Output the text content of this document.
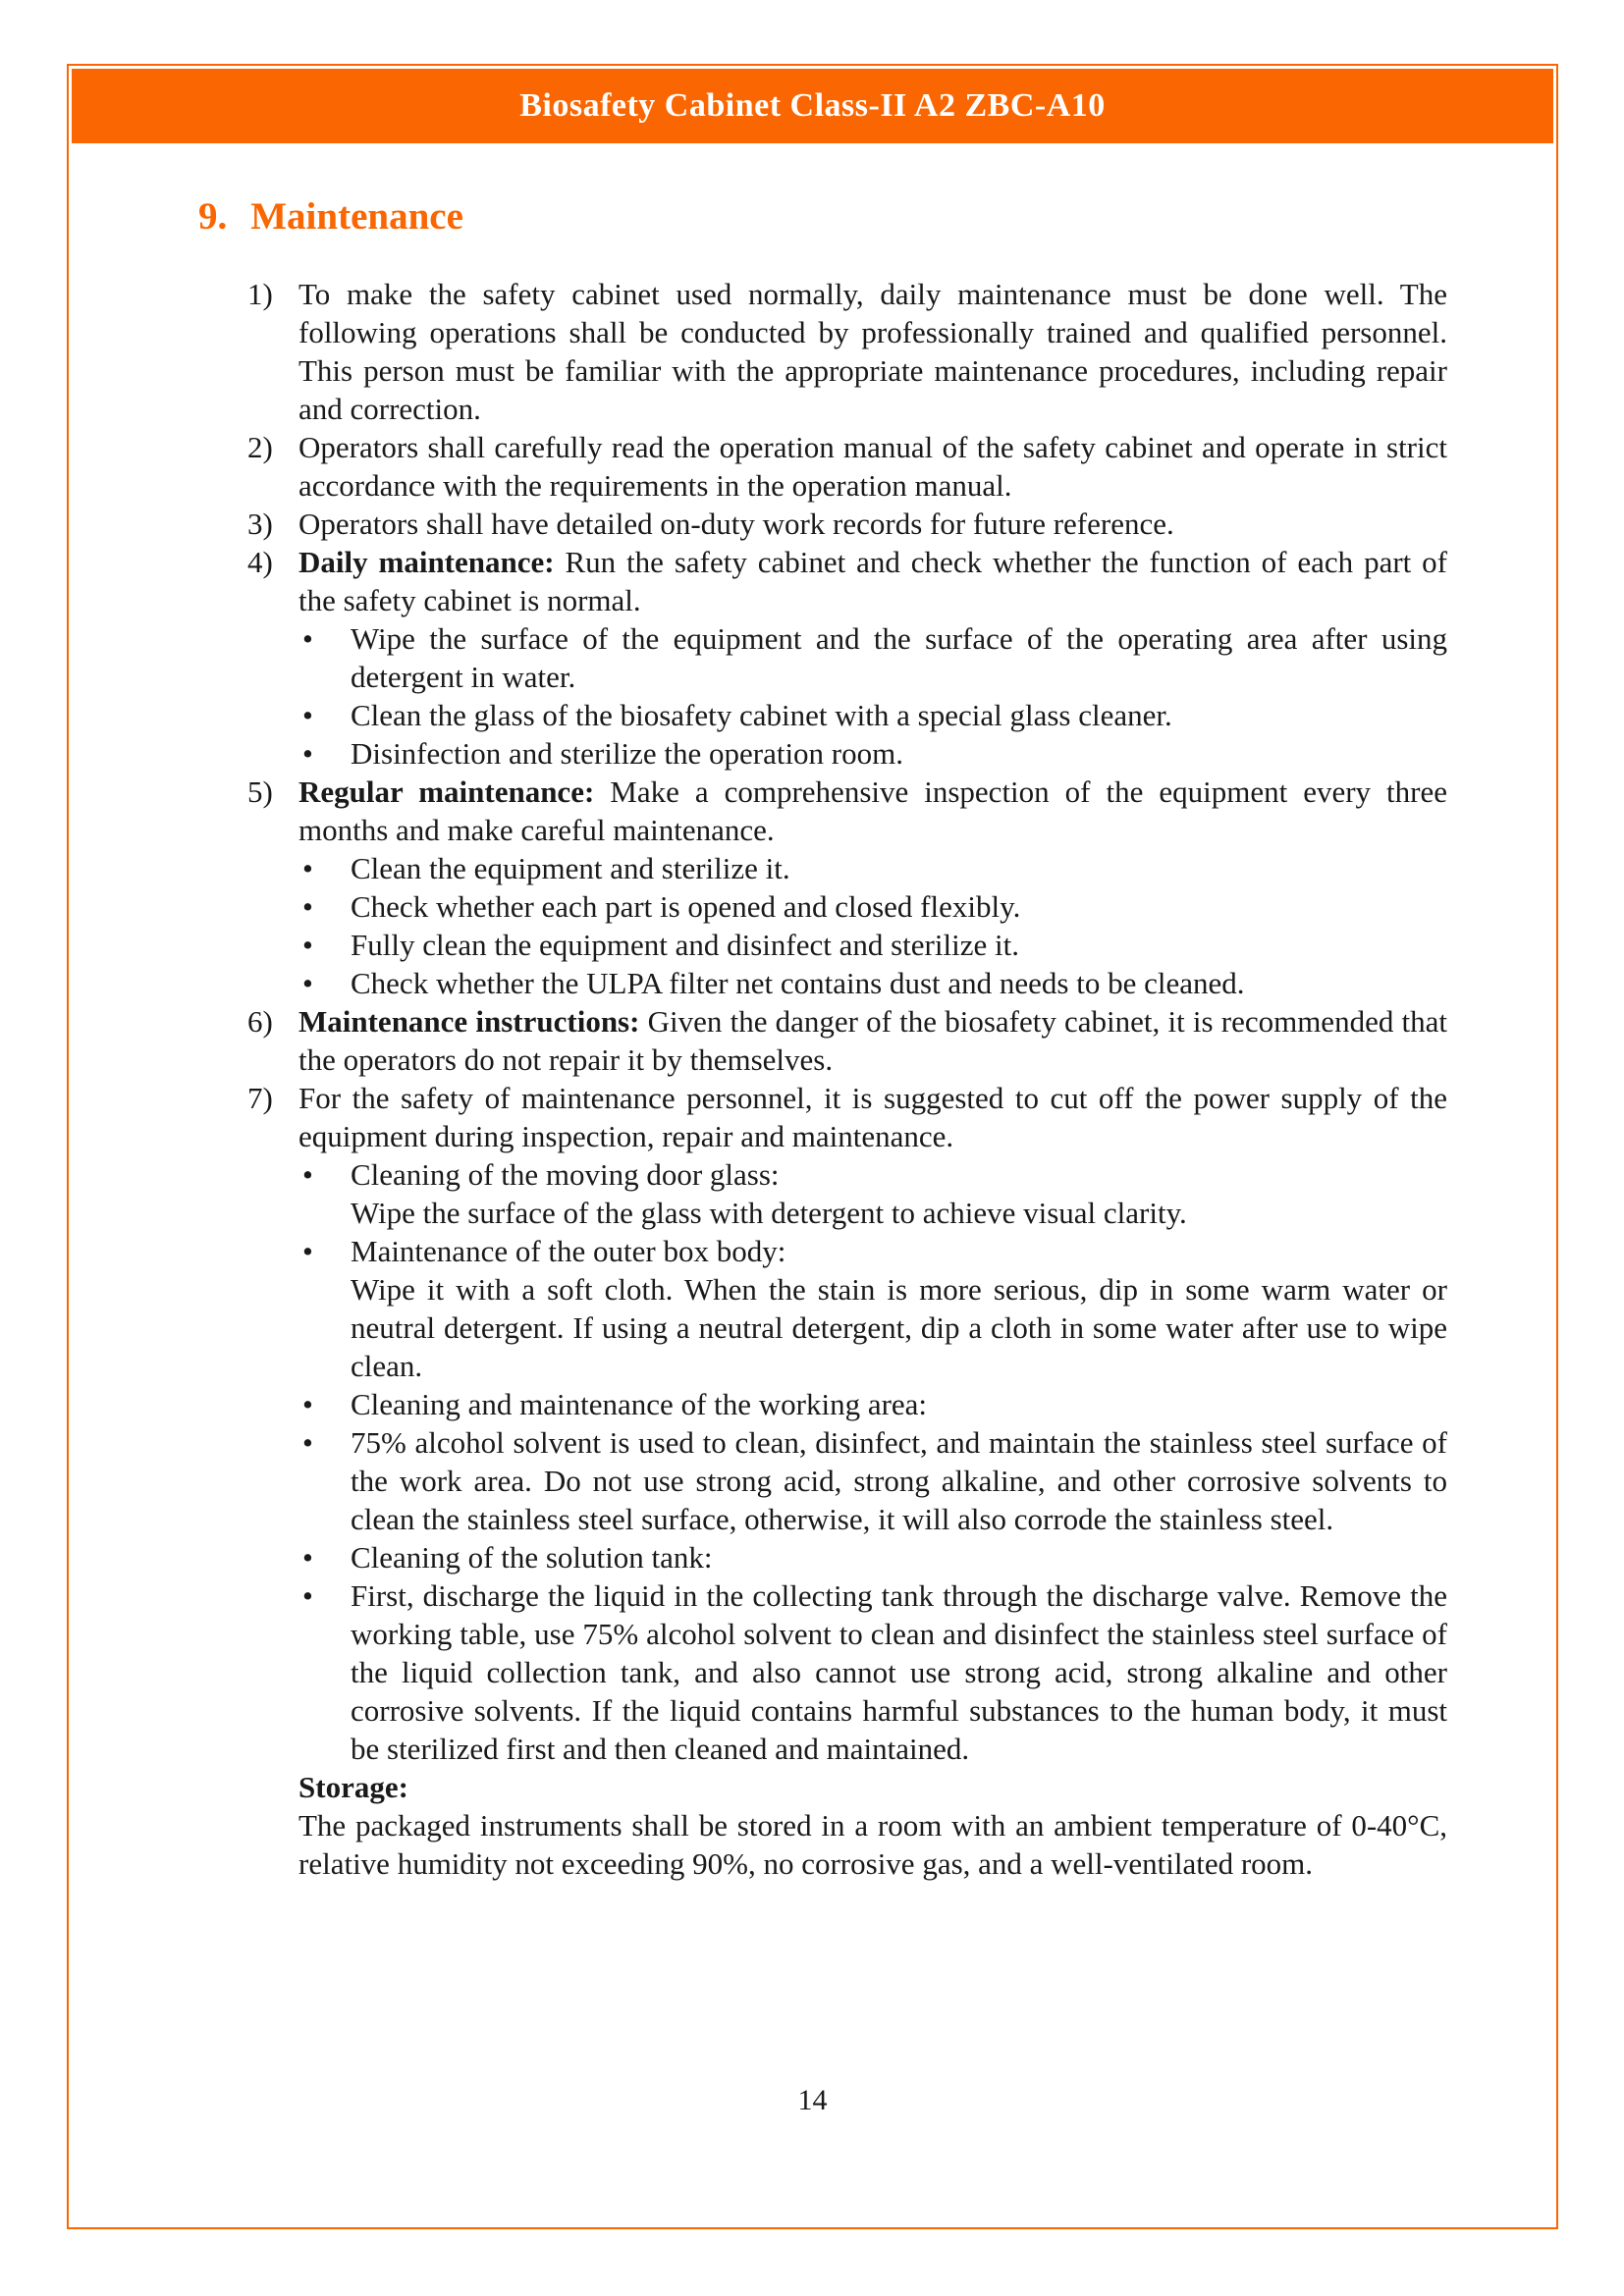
Biosafety Cabinet Class-II A2 ZBC-A10
9. Maintenance
1) To make the safety cabinet used normally, daily maintenance must be done well. The following operations shall be conducted by professionally trained and qualified personnel. This person must be familiar with the appropriate maintenance procedures, including repair and correction.

2) Operators shall carefully read the operation manual of the safety cabinet and operate in strict accordance with the requirements in the operation manual.

3) Operators shall have detailed on-duty work records for future reference.

4) Daily maintenance: Run the safety cabinet and check whether the function of each part of the safety cabinet is normal.

•	Wipe the surface of the equipment and the surface of the operating area after using detergent in water.

•	Clean the glass of the biosafety cabinet with a special glass cleaner.

•	Disinfection and sterilize the operation room.

5) Regular maintenance: Make a comprehensive inspection of the equipment every three months and make careful maintenance.

•	Clean the equipment and sterilize it.

•	Check whether each part is opened and closed flexibly.

•	Fully clean the equipment and disinfect and sterilize it.

•	Check whether the ULPA filter net contains dust and needs to be cleaned.

6) Maintenance instructions: Given the danger of the biosafety cabinet, it is recommended that the operators do not repair it by themselves.

7) For the safety of maintenance personnel, it is suggested to cut off the power supply of the equipment during inspection, repair and maintenance.

•	Cleaning of the moving door glass:

Wipe the surface of the glass with detergent to achieve visual clarity.

•	Maintenance of the outer box body:

Wipe it with a soft cloth. When the stain is more serious, dip in some warm water or neutral detergent. If using a neutral detergent, dip a cloth in some water after use to wipe clean.

•	Cleaning and maintenance of the working area:

•	75% alcohol solvent is used to clean, disinfect, and maintain the stainless steel surface of the work area. Do not use strong acid, strong alkaline, and other corrosive solvents to clean the stainless steel surface, otherwise, it will also corrode the stainless steel.

•	Cleaning of the solution tank:

•	First, discharge the liquid in the collecting tank through the discharge valve. Remove the working table, use 75% alcohol solvent to clean and disinfect the stainless steel surface of the liquid collection tank, and also cannot use strong acid, strong alkaline and other corrosive solvents. If the liquid contains harmful substances to the human body, it must be sterilized first and then cleaned and maintained.

Storage:

The packaged instruments shall be stored in a room with an ambient temperature of 0-40°C, relative humidity not exceeding 90%, no corrosive gas, and a well-ventilated room.

14
